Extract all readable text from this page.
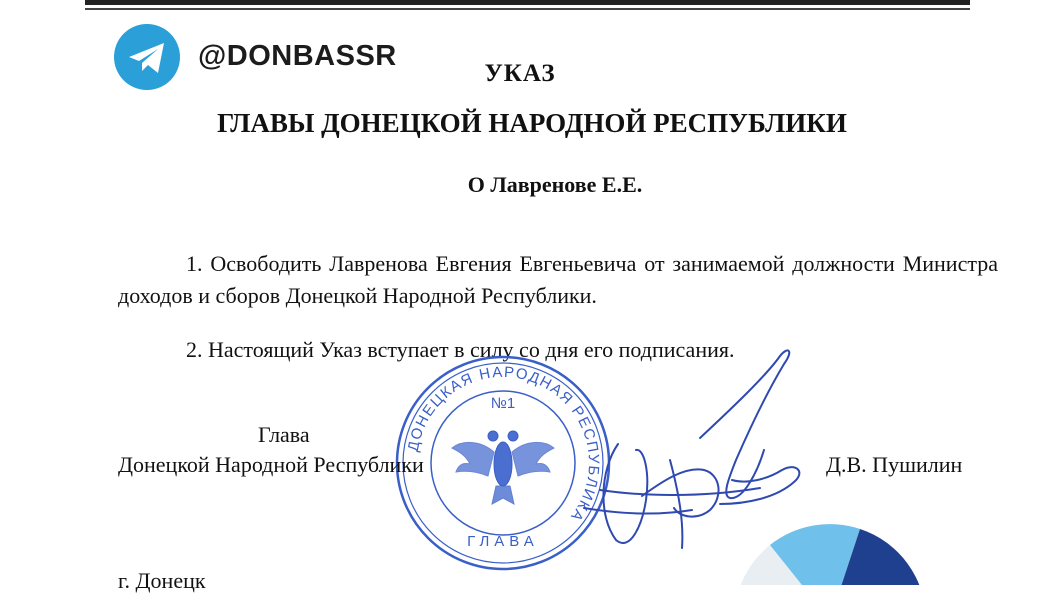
@DONBASSR
УКАЗ
ГЛАВЫ ДОНЕЦКОЙ НАРОДНОЙ РЕСПУБЛИКИ
О Лавренове Е.Е.
1. Освободить Лавренова Евгения Евгеньевича от занимаемой должности Министра доходов и сборов Донецкой Народной Республики.
2. Настоящий Указ вступает в силу со дня его подписания.
ДОНЕЦКАЯ НАРОДНАЯ РЕСПУБЛИКА
№1
ГЛАВА
Глава
Донецкой Народной Республики	Д.В. Пушилин
г. Донецк
